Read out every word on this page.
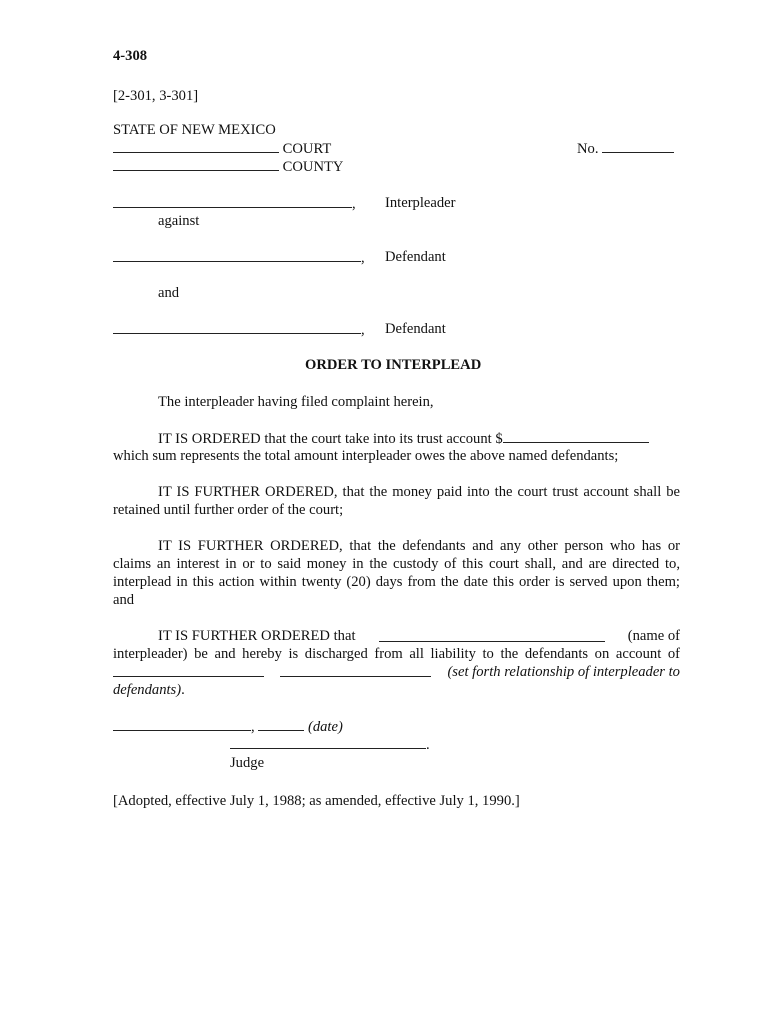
4-308
[2-301, 3-301]
STATE OF NEW MEXICO
COURT	No.
COUNTY
, Interpleader
against
, Defendant
and
, Defendant
ORDER TO INTERPLEAD
The interpleader having filed complaint herein,
IT IS ORDERED that the court take into its trust account $
which sum represents the total amount interpleader owes the above named defendants;
IT IS FURTHER ORDERED, that the money paid into the court trust account shall be
retained until further order of the court;
IT IS FURTHER ORDERED, that the defendants and any other person who has or
claims an interest in or to said money in the custody of this court shall, and are directed to,
interplead in this action within twenty (20) days from the date this order is served upon them;
and
IT IS FURTHER ORDERED that	(name of
interpleader) be and hereby is discharged from all liability to the defendants on account of
(set forth relationship of interpleader to
defendants).
,	(date)
.
Judge
[Adopted, effective July 1, 1988; as amended, effective July 1, 1990.]
